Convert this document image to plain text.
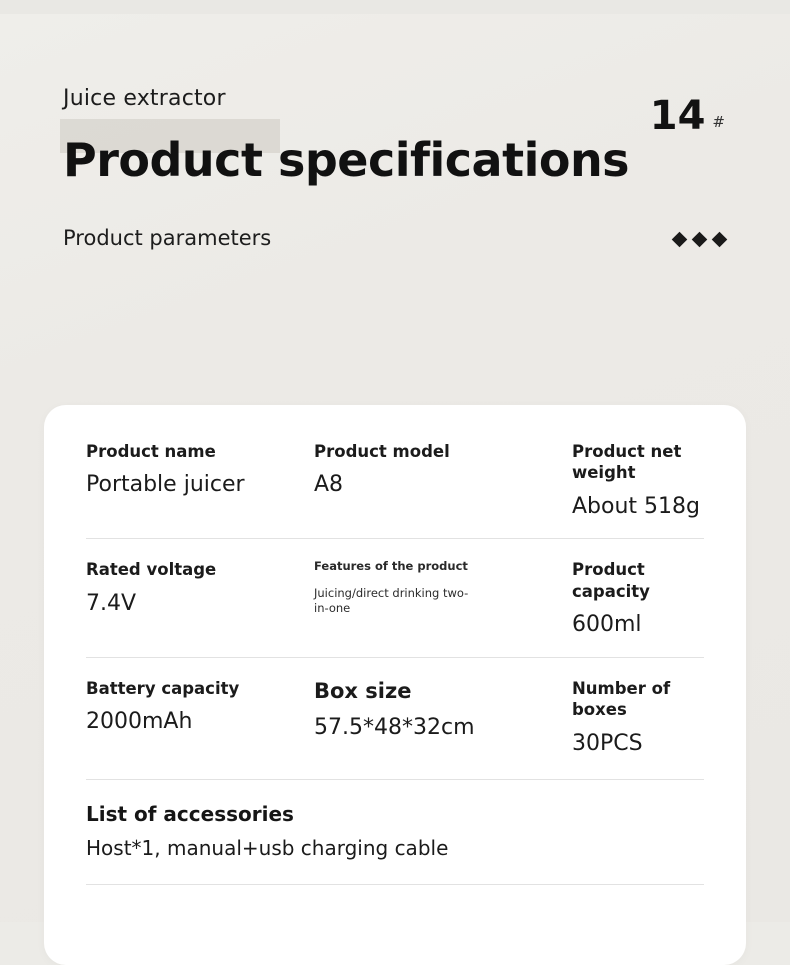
Juice extractor
Product specifications
14 #
Product parameters
Product name
Portable juicer
Product model
A8
Product net weight
About 518g
Rated voltage
7.4V
Features of the product
Juicing/direct drinking two-in-one
Product capacity
600ml
Battery capacity
2000mAh
Box size
57.5*48*32cm
Number of boxes
30PCS
List of accessories
Host*1, manual+usb charging cable
